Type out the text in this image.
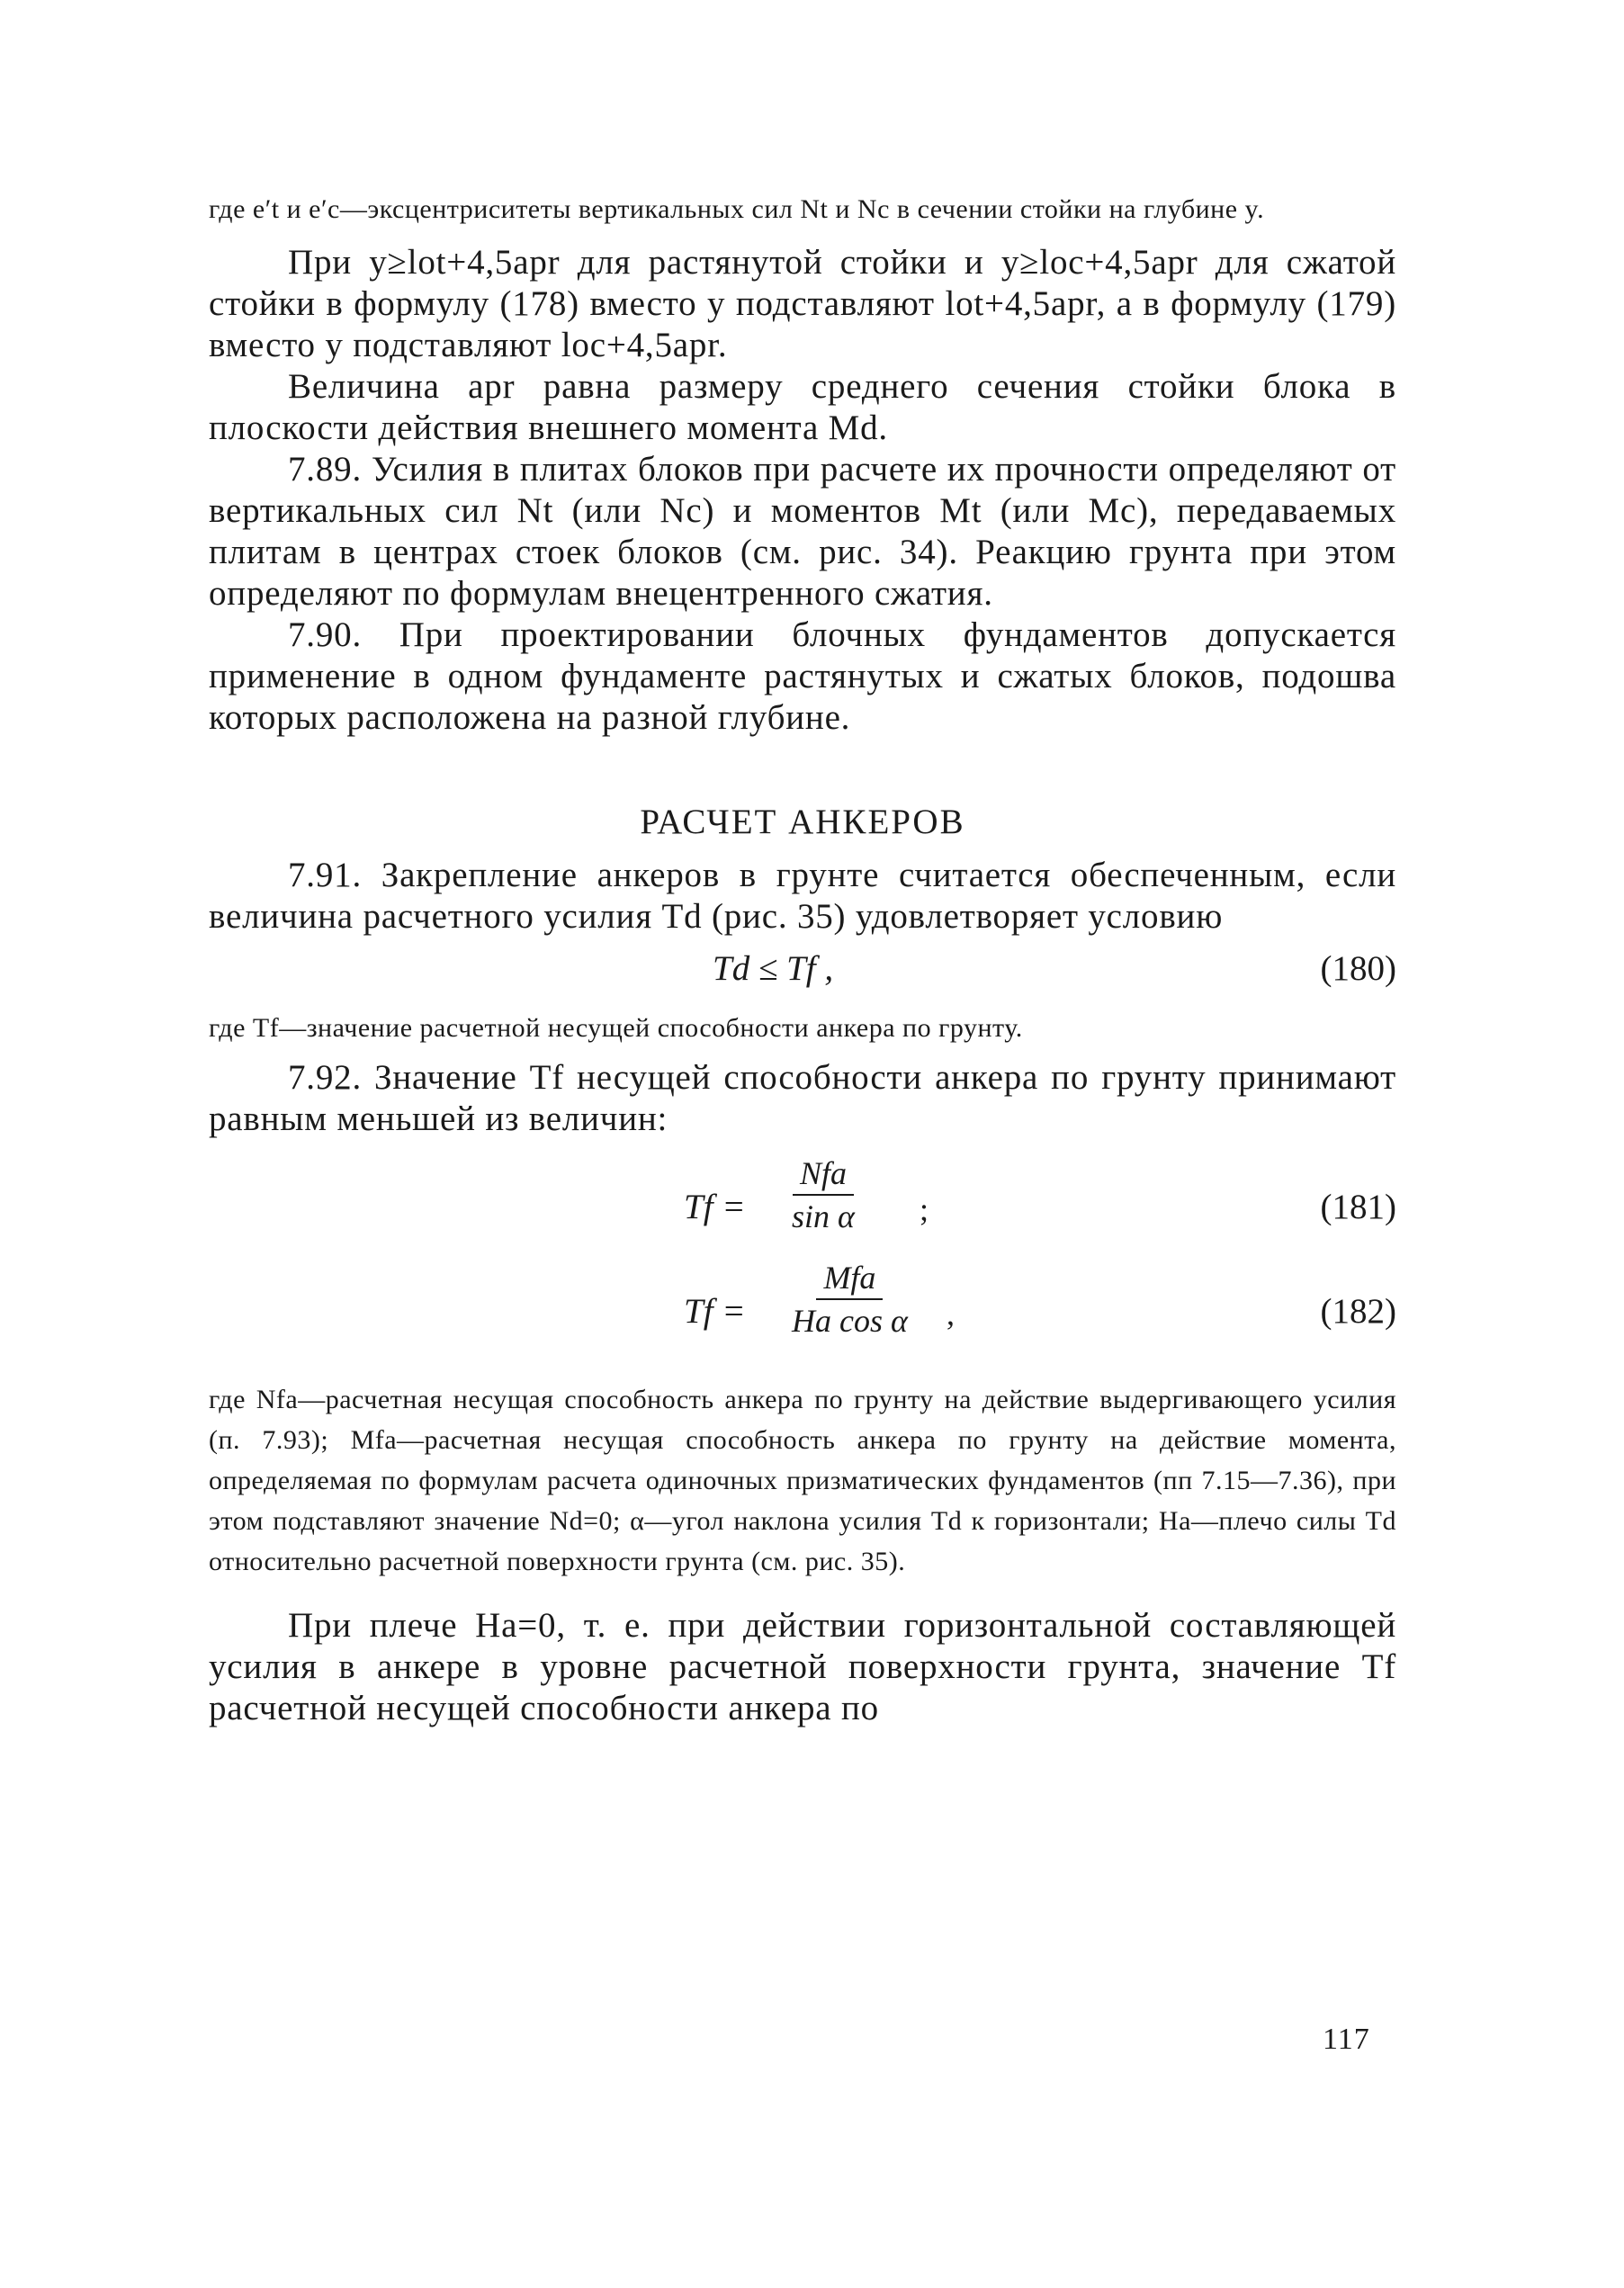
где e′t и e′c—эксцентриситеты вертикальных сил Nt и Nc в сечении стойки на глубине y.

При y≥lot+4,5apr для растянутой стойки и y≥loc+4,5apr для сжатой стойки в формулу (178) вместо y подставляют lot+4,5apr, а в формулу (179) вместо y подставляют loc+4,5apr.

Величина apr равна размеру среднего сечения стойки блока в плоскости действия внешнего момента Md.

7.89. Усилия в плитах блоков при расчете их прочности определяют от вертикальных сил Nt (или Nc) и моментов Mt (или Mc), передаваемых плитам в центрах стоек блоков (см. рис. 34). Реакцию грунта при этом определяют по формулам внецентренного сжатия.

7.90. При проектировании блочных фундаментов допускается применение в одном фундаменте растянутых и сжатых блоков, подошва которых расположена на разной глубине.

РАСЧЕТ АНКЕРОВ

7.91. Закрепление анкеров в грунте считается обеспеченным, если величина расчетного усилия Td (рис. 35) удовлетворяет условию

Td ≤ Tf ,	(180)

где Tf—значение расчетной несущей способности анкера по грунту.

7.92. Значение Tf несущей способности анкера по грунту принимают равным меньшей из величин:

Tf =
Nfa
sin α ;	(181)
Tf =
Mfa
Ha cos α ,	(182)

где Nfa—расчетная несущая способность анкера по грунту на действие выдергивающего усилия (п. 7.93); Mfa—расчетная несущая способность анкера по грунту на действие момента, определяемая по формулам расчета одиночных призматических фундаментов (пп 7.15—7.36), при этом подставляют значение Nd=0; α—угол наклона усилия Td к горизонтали; Ha—плечо силы Td относительно расчетной поверхности грунта (см. рис. 35).

При плече Ha=0, т. е. при действии горизонтальной составляющей усилия в анкере в уровне расчетной поверхности грунта, значение Tf расчетной несущей способности анкера по

117
